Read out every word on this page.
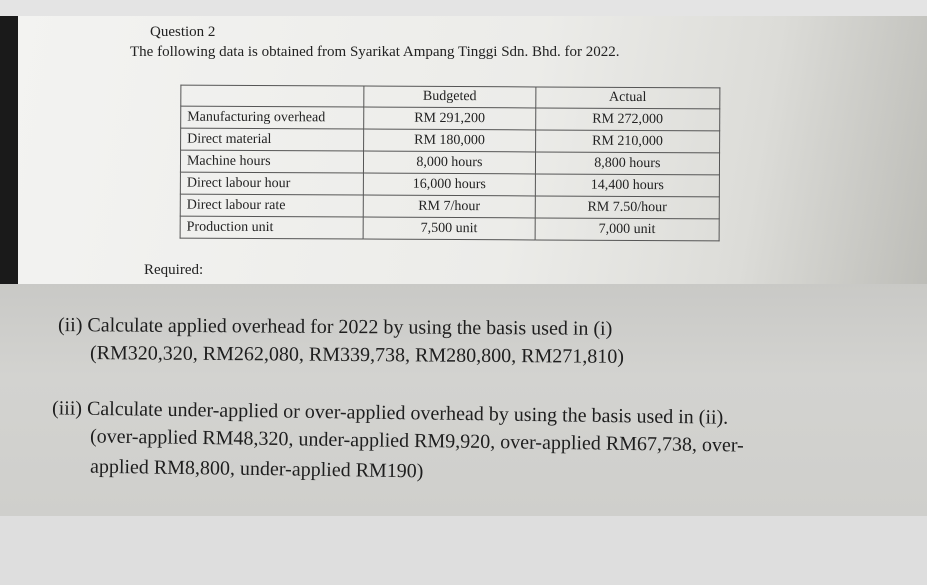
Question 2
The following data is obtained from Syarikat Ampang Tinggi Sdn. Bhd. for 2022.
	Budgeted	Actual
Manufacturing overhead	RM 291,200	RM 272,000
Direct material	RM 180,000	RM 210,000
Machine hours	8,000 hours	8,800 hours
Direct labour hour	16,000 hours	14,400 hours
Direct labour rate	RM 7/hour	RM 7.50/hour
Production unit	7,500 unit	7,000 unit
Required:
(ii) Calculate applied overhead for 2022 by using the basis used in (i)
(RM320,320, RM262,080, RM339,738, RM280,800, RM271,810)
(iii) Calculate under-applied or over-applied overhead by using the basis used in (ii).
(over-applied RM48,320, under-applied RM9,920, over-applied RM67,738, over-
applied RM8,800, under-applied RM190)
